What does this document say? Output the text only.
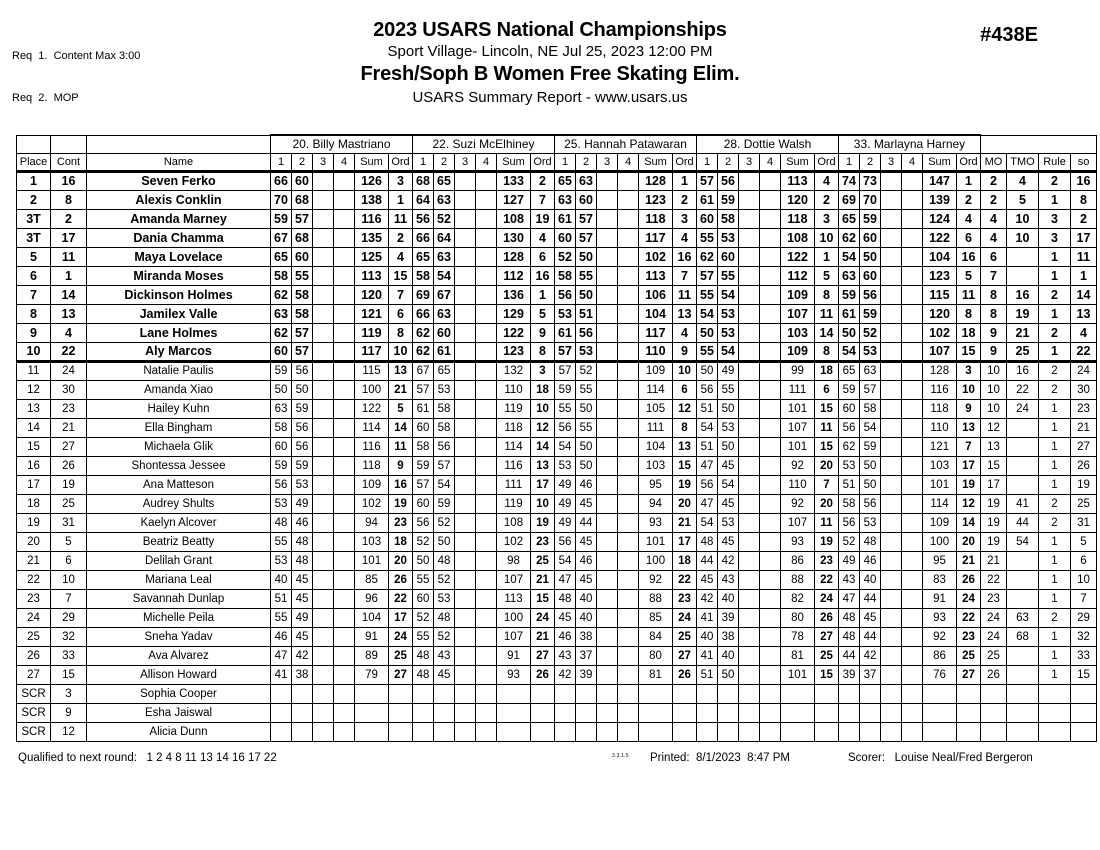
Req  1.  Content Max 3:00

Req  2.  MOP

2023 USARS National Championships
Sport Village- Lincoln, NE Jul 25, 2023 12:00 PM
Fresh/Soph B Women Free Skating Elim.
USARS Summary Report - www.usars.us
#438E
			20. Billy Mastriano						22. Suzi McElhiney						25. Hannah Patawaran						28. Dottie Walsh						33. Marlayna Harney									
Place	Cont	Name	1	2	3	4	Sum	Ord	1	2	3	4	Sum	Ord	1	2	3	4	Sum	Ord	1	2	3	4	Sum	Ord	1	2	3	4	Sum	Ord	MO	TMO	Rule	so
1	16	Seven Ferko	66	60			126	3	68	65			133	2	65	63			128	1	57	56			113	4	74	73			147	1	2	4	2	16
2	8	Alexis Conklin	70	68			138	1	64	63			127	7	63	60			123	2	61	59			120	2	69	70			139	2	2	5	1	8
3T	2	Amanda Marney	59	57			116	11	56	52			108	19	61	57			118	3	60	58			118	3	65	59			124	4	4	10	3	2
3T	17	Dania Chamma	67	68			135	2	66	64			130	4	60	57			117	4	55	53			108	10	62	60			122	6	4	10	3	17
5	11	Maya Lovelace	65	60			125	4	65	63			128	6	52	50			102	16	62	60			122	1	54	50			104	16	6		1	11
6	1	Miranda Moses	58	55			113	15	58	54			112	16	58	55			113	7	57	55			112	5	63	60			123	5	7		1	1
7	14	Dickinson Holmes	62	58			120	7	69	67			136	1	56	50			106	11	55	54			109	8	59	56			115	11	8	16	2	14
8	13	Jamilex Valle	63	58			121	6	66	63			129	5	53	51			104	13	54	53			107	11	61	59			120	8	8	19	1	13
9	4	Lane Holmes	62	57			119	8	62	60			122	9	61	56			117	4	50	53			103	14	50	52			102	18	9	21	2	4
10	22	Aly Marcos	60	57			117	10	62	61			123	8	57	53			110	9	55	54			109	8	54	53			107	15	9	25	1	22
11	24	Natalie Paulis	59	56			115	13	67	65			132	3	57	52			109	10	50	49			99	18	65	63			128	3	10	16	2	24
12	30	Amanda Xiao	50	50			100	21	57	53			110	18	59	55			114	6	56	55			111	6	59	57			116	10	10	22	2	30
13	23	Hailey Kuhn	63	59			122	5	61	58			119	10	55	50			105	12	51	50			101	15	60	58			118	9	10	24	1	23
14	21	Ella Bingham	58	56			114	14	60	58			118	12	56	55			111	8	54	53			107	11	56	54			110	13	12		1	21
15	27	Michaela Glik	60	56			116	11	58	56			114	14	54	50			104	13	51	50			101	15	62	59			121	7	13		1	27
16	26	Shontessa Jessee	59	59			118	9	59	57			116	13	53	50			103	15	47	45			92	20	53	50			103	17	15		1	26
17	19	Ana Matteson	56	53			109	16	57	54			111	17	49	46			95	19	56	54			110	7	51	50			101	19	17		1	19
18	25	Audrey Shults	53	49			102	19	60	59			119	10	49	45			94	20	47	45			92	20	58	56			114	12	19	41	2	25
19	31	Kaelyn Alcover	48	46			94	23	56	52			108	19	49	44			93	21	54	53			107	11	56	53			109	14	19	44	2	31
20	5	Beatriz Beatty	55	48			103	18	52	50			102	23	56	45			101	17	48	45			93	19	52	48			100	20	19	54	1	5
21	6	Delilah Grant	53	48			101	20	50	48			98	25	54	46			100	18	44	42			86	23	49	46			95	21	21		1	6
22	10	Mariana Leal	40	45			85	26	55	52			107	21	47	45			92	22	45	43			88	22	43	40			83	26	22		1	10
23	7	Savannah Dunlap	51	45			96	22	60	53			113	15	48	40			88	23	42	40			82	24	47	44			91	24	23		1	7
24	29	Michelle Peila	55	49			104	17	52	48			100	24	45	40			85	24	41	39			80	26	48	45			93	22	24	63	2	29
25	32	Sneha Yadav	46	45			91	24	55	52			107	21	46	38			84	25	40	38			78	27	48	44			92	23	24	68	1	32
26	33	Ava Alvarez	47	42			89	25	48	43			91	27	43	37			80	27	41	40			81	25	44	42			86	25	25		1	33
27	15	Allison Howard	41	38			79	27	48	45			93	26	42	39			81	26	51	50			101	15	39	37			76	27	26		1	15
SCR	3	Sophia Cooper																																		
SCR	9	Esha Jaiswal																																		
SCR	12	Alicia Dunn																																		
Qualified to next round:   1 2 4 8 11 13 14 16 17 22	3.3.1.5 Printed:  8/1/2023  8:47 PM	Scorer:   Louise Neal/Fred Bergeron
